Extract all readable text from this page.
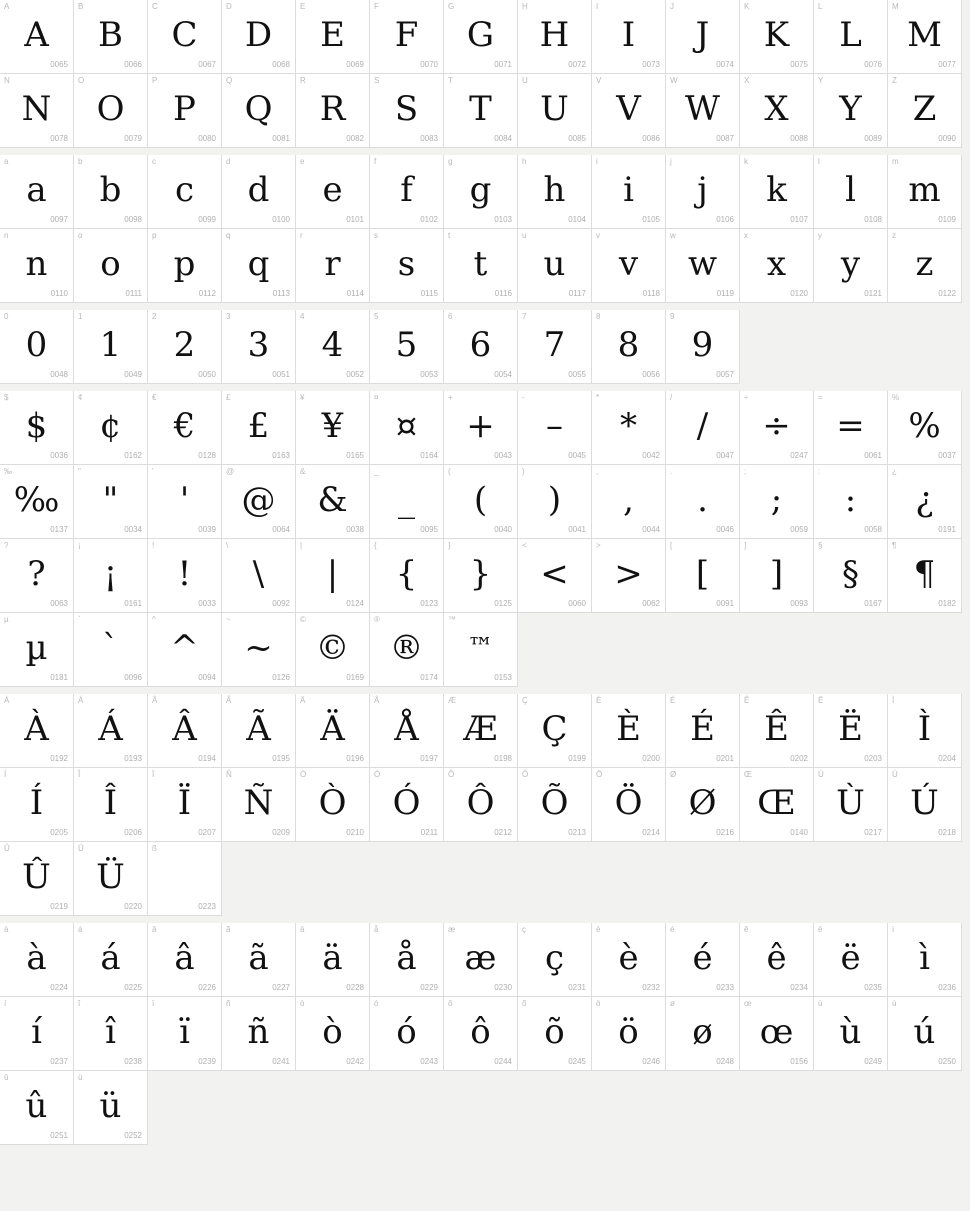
A
A
0065
B
B
0066
C
C
0067
D
D
0068
E
E
0069
F
F
0070
G
G
0071
H
H
0072
I
I
0073
J
J
0074
K
K
0075
L
L
0076
M
M
0077
N
N
0078
O
O
0079
P
P
0080
Q
Q
0081
R
R
0082
S
S
0083
T
T
0084
U
U
0085
V
V
0086
W
W
0087
X
X
0088
Y
Y
0089
Z
Z
0090
a
a
0097
b
b
0098
c
c
0099
d
d
0100
e
e
0101
f
f
0102
g
g
0103
h
h
0104
i
i
0105
j
j
0106
k
k
0107
l
l
0108
m
m
0109
n
n
0110
o
o
0111
p
p
0112
q
q
0113
r
r
0114
s
s
0115
t
t
0116
u
u
0117
v
v
0118
w
w
0119
x
x
0120
y
y
0121
z
z
0122
0
0
0048
1
1
0049
2
2
0050
3
3
0051
4
4
0052
5
5
0053
6
6
0054
7
7
0055
8
8
0056
9
9
0057
$
$
0036
¢
¢
0162
€
€
0128
£
£
0163
¥
¥
0165
¤
¤
0164
+
+
0043
-
–
0045
*
*
0042
/
/
0047
÷
÷
0247
=
=
0061
%
%
0037
‰
‰
0137
"
"
0034
'
'
0039
@
@
0064
&
&
0038
_
_
0095
(
(
0040
)
)
0041
,
,
0044
.
.
0046
;
;
0059
:
:
0058
¿
¿
0191
?
?
0063
¡
¡
0161
!
!
0033
\
\
0092
|
|
0124
{
{
0123
}
}
0125
<
<
0060
>
>
0062
[
[
0091
]
]
0093
§
§
0167
¶
¶
0182
µ
µ
0181
`
`
0096
^
^
0094
~
~
0126
©
©
0169
®
®
0174
™
™
0153
À
À
0192
Á
Á
0193
Â
Â
0194
Ã
Ã
0195
Ä
Ä
0196
Å
Å
0197
Æ
Æ
0198
Ç
Ç
0199
È
È
0200
É
É
0201
Ê
Ê
0202
Ë
Ë
0203
Ì
Ì
0204
Í
Í
0205
Î
Î
0206
Ï
Ï
0207
Ñ
Ñ
0209
Ò
Ò
0210
Ó
Ó
0211
Ô
Ô
0212
Õ
Õ
0213
Ö
Ö
0214
Ø
Ø
0216
Œ
Œ
0140
Ù
Ù
0217
Ú
Ú
0218
Û
Û
0219
Ü
Ü
0220
ß
0223
à
à
0224
á
á
0225
â
â
0226
ã
ã
0227
ä
ä
0228
å
å
0229
æ
æ
0230
ç
ç
0231
è
è
0232
é
é
0233
ê
ê
0234
ë
ë
0235
ì
ì
0236
í
í
0237
î
î
0238
ï
ï
0239
ñ
ñ
0241
ò
ò
0242
ó
ó
0243
ô
ô
0244
õ
õ
0245
ö
ö
0246
ø
ø
0248
œ
œ
0156
ù
ù
0249
ú
ú
0250
û
û
0251
ü
ü
0252
